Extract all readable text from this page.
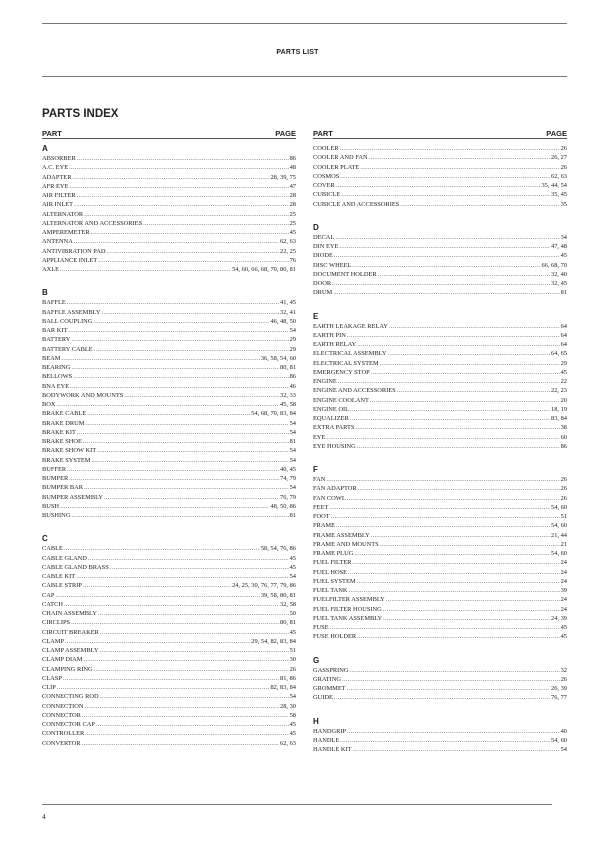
PARTS LIST
PARTS INDEX
PART	PAGE
A
ABSORBER .....	86
A.C. EYE .....	48
ADAPTER .....	28, 39, 75
AFR EYE .....	47
AIR FILTER .....	28
AIR INLET .....	28
ALTERNATOR .....	25
ALTERNATOR AND ACCESSORIES .....	25
AMPEREMETER .....	45
ANTENNA .....	62, 63
ANTIVIBRATION PAD .....	22, 25
APPLIANCE INLET .....	76
AXLE .....	54, 60, 66, 68, 70, 80, 81
B
BAFFLE .....	41, 45
BAFFLE ASSEMBLY .....	32, 41
BALL COUPLING .....	46, 48, 50
BAR KIT .....	54
BATTERY .....	29
BATTERY CABLE .....	29
BEAM .....	36, 58, 54, 60
BEARING .....	80, 81
BELLOWS .....	86
BNA EYE .....	46
BODYWORK AND MOUNTS .....	32, 33
BOX .....	45, 58
BRAKE CABLE .....	54, 68, 70, 83, 84
BRAKE DRUM .....	54
BRAKE KIT .....	54
BRAKE SHOE .....	81
BRAKE SHOW KIT .....	54
BRAKE SYSTEM .....	54
BUFFER .....	40, 45
BUMPER .....	74, 79
BUMPER BAR .....	54
BUMPER ASSEMBLY .....	76, 79
BUSH .....	48, 50, 86
BUSHING .....	81
C
CABLE .....	58, 54, 76, 86
CABLE GLAND .....	45
CABLE GLAND BRASS .....	45
CABLE KIT .....	54
CABLE STRIP .....	24, 25, 30, 76, 77, 79, 86
CAP .....	39, 58, 80, 81
CATCH .....	32, 58
CHAIN ASSEMBLY .....	50
CIRCLIPS .....	80, 81
CIRCUIT BREAKER .....	45
CLAMP .....	29, 54, 82, 83, 84
CLAMP ASSEMBLY .....	51
CLAMP DIAM .....	30
CLAMPING RING .....	26
CLASP .....	81, 86
CLIP .....	82, 83, 84
CONNECTING ROD .....	54
CONNECTION .....	28, 30
CONNECTOR .....	58
CONNECTOR CAP .....	45
CONTROLLER .....	45
CONVERTOR .....	62, 63
PART	PAGE
COOLER .....	26
COOLER AND FAN .....	26, 27
COOLER PLATE .....	26
COSMOS .....	62, 63
COVER .....	35, 44, 54
CUBICLE .....	35, 45
CUBICLE AND ACCESSORIES .....	35
D
DECAL .....	34
DIN EYE .....	47, 48
DIODE .....	45
DISC WHEEL .....	66, 68, 70
DOCUMENT HOLDER .....	32, 40
DOOR .....	32, 45
DRUM .....	81
E
EARTH LEAKAGE RELAY .....	64
EARTH PIN .....	64
EARTH RELAY .....	64
ELECTRICAL ASSEMBLY .....	64, 65
ELECTRICAL SYSTEM .....	29
EMERGENCY STOP .....	45
ENGINE .....	22
ENGINE AND ACCESSORIES .....	22, 23
ENGINE COOLANT .....	20
ENGINE OIL .....	18, 19
EQUALIZER .....	83, 84
EXTRA PARTS .....	38
EYE .....	60
EYE HOUSING .....	86
F
FAN .....	26
FAN ADAPTOR .....	26
FAN COWL .....	26
FEET .....	54, 60
FOOT .....	51
FRAME .....	54, 60
FRAME ASSEMBLY .....	21, 44
FRAME AND MOUNTS .....	21
FRAME PLUG .....	54, 60
FUEL FILTER .....	24
FUEL HOSE .....	24
FUEL SYSTEM .....	24
FUEL TANK .....	39
FUELFILTER ASSEMBLY .....	24
FUEL FILTER HOUSING .....	24
FUEL TANK ASSEMBLY .....	24, 39
FUSE .....	45
FUSE HOLDER .....	45
G
GASSPRING .....	32
GRATING .....	26
GROMMET .....	26, 39
GUIDE .....	76, 77
H
HANDGRIP .....	40
HANDLE .....	54, 60
HANDLE KIT .....	54
4
